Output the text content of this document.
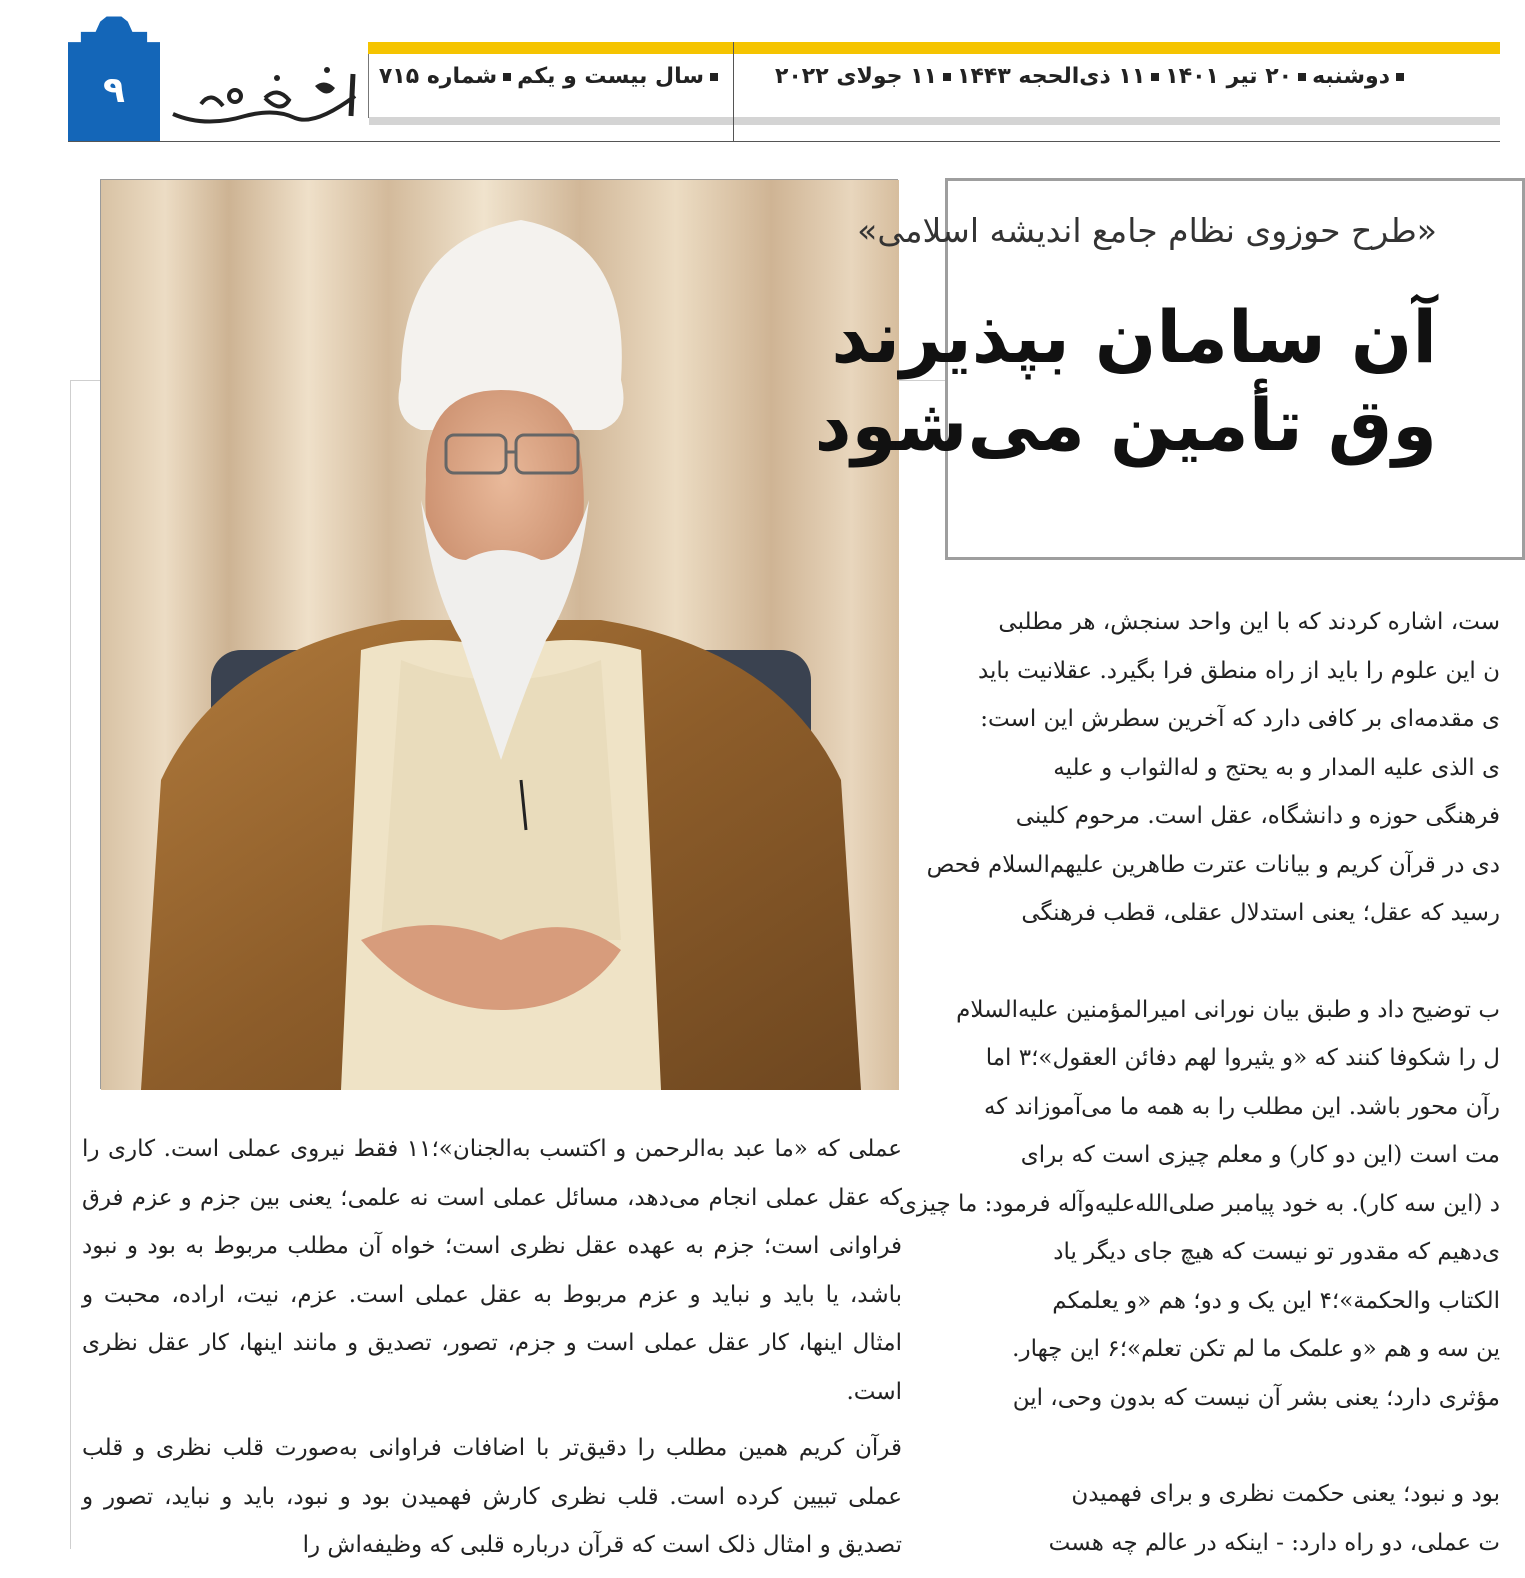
۹	دوشنبه۲۰ تیر ۱۴۰۱۱۱ ذی‌الحجه ۱۴۴۳۱۱ جولای ۲۰۲۲
سال بیست و یکمشماره ۷۱۵
«طرح حوزوی نظام جامع اندیشه اسلامی»
آن سامان بپذیرند
وق تأمین می‌شود

ست، اشاره کردند که با این واحد سنجش، هر مطلبی

ن این علوم را باید از راه منطق فرا بگیرد. عقلانیت باید

ی مقدمه‌ای بر کافی دارد که آخرین سطرش این است:

ی الذی علیه المدار و به یحتج و له‌الثواب و علیه

فرهنگی حوزه و دانشگاه، عقل است. مرحوم کلینی

دی در قرآن کریم و بیانات عترت طاهرین علیهم‌السلام فحص

رسید که عقل؛ یعنی استدلال عقلی، قطب فرهنگی

ب توضیح داد و طبق بیان نورانی امیرالمؤمنین علیه‌السلام

ل را شکوفا کنند که «و یثیروا لهم دفائن العقول»؛۳ اما

رآن محور باشد. این مطلب را به همه ما می‌آموزاند که

مت است (این دو کار) و معلم چیزی است که برای

د (این سه کار). به خود پیامبر صلی‌الله‌علیه‌وآله فرمود: ما چیزی

ی‌دهیم که مقدور تو نیست که هیچ جای دیگر یاد

الکتاب والحکمة»؛۴ این یک و دو؛ هم «و یعلمکم

ین سه و هم «و علمک ما لم تکن تعلم»؛۶ این چهار.

مؤثری دارد؛ یعنی بشر آن نیست که بدون وحی، این

بود و نبود؛ یعنی حکمت نظری و برای فهمیدن

ت عملی، دو راه دارد: - اینکه در عالم چه هست

عملی که «ما عبد به‌الرحمن و اکتسب به‌الجنان»؛۱۱ فقط نیروی عملی است. کاری را که عقل عملی انجام می‌دهد، مسائل عملی است نه علمی؛ یعنی بین جزم و عزم فرق فراوانی است؛ جزم به عهده عقل نظری است؛ خواه آن مطلب مربوط به بود و نبود باشد، یا باید و نباید و عزم مربوط به عقل عملی است. عزم، نیت، اراده، محبت و امثال اینها، کار عقل عملی است و جزم، تصور، تصدیق و مانند اینها، کار عقل نظری است.

قرآن کریم همین مطلب را دقیق‌تر با اضافات فراوانی به‌صورت قلب نظری و قلب عملی تبیین کرده است. قلب نظری کارش فهمیدن بود و نبود، باید و نباید، تصور و تصدیق و امثال ذلک است که قرآن درباره قلبی که وظیفه‌اش را
